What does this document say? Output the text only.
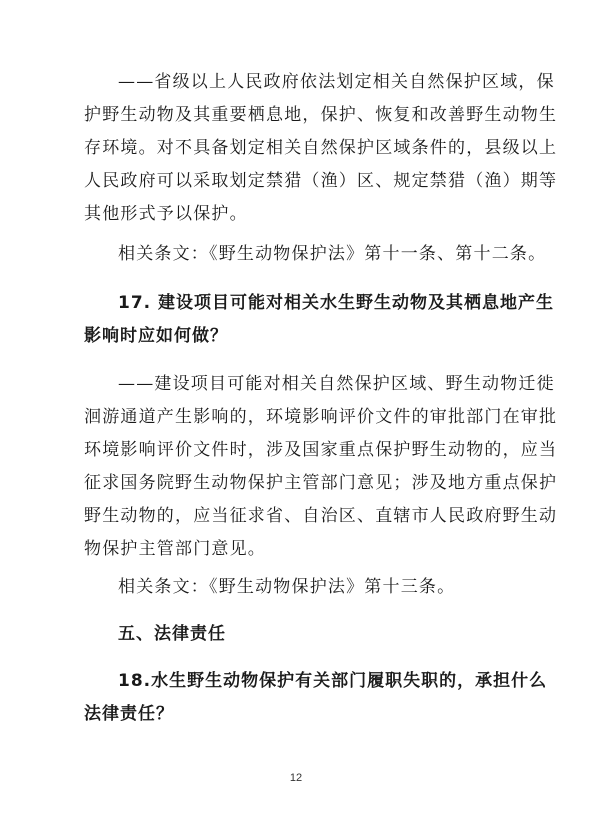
——省级以上人民政府依法划定相关自然保护区域，保
护野生动物及其重要栖息地，保护、恢复和改善野生动物生
存环境。对不具备划定相关自然保护区域条件的，县级以上
人民政府可以采取划定禁猎（渔）区、规定禁猎（渔）期等
其他形式予以保护。
相关条文：《野生动物保护法》第十一条、第十二条。
17. 建设项目可能对相关水生野生动物及其栖息地产生
影响时应如何做？
——建设项目可能对相关自然保护区域、野生动物迁徙
洄游通道产生影响的，环境影响评价文件的审批部门在审批
环境影响评价文件时，涉及国家重点保护野生动物的，应当
征求国务院野生动物保护主管部门意见；涉及地方重点保护
野生动物的，应当征求省、自治区、直辖市人民政府野生动
物保护主管部门意见。
相关条文：《野生动物保护法》第十三条。
五、法律责任
18.水生野生动物保护有关部门履职失职的，承担什么
法律责任？
12
